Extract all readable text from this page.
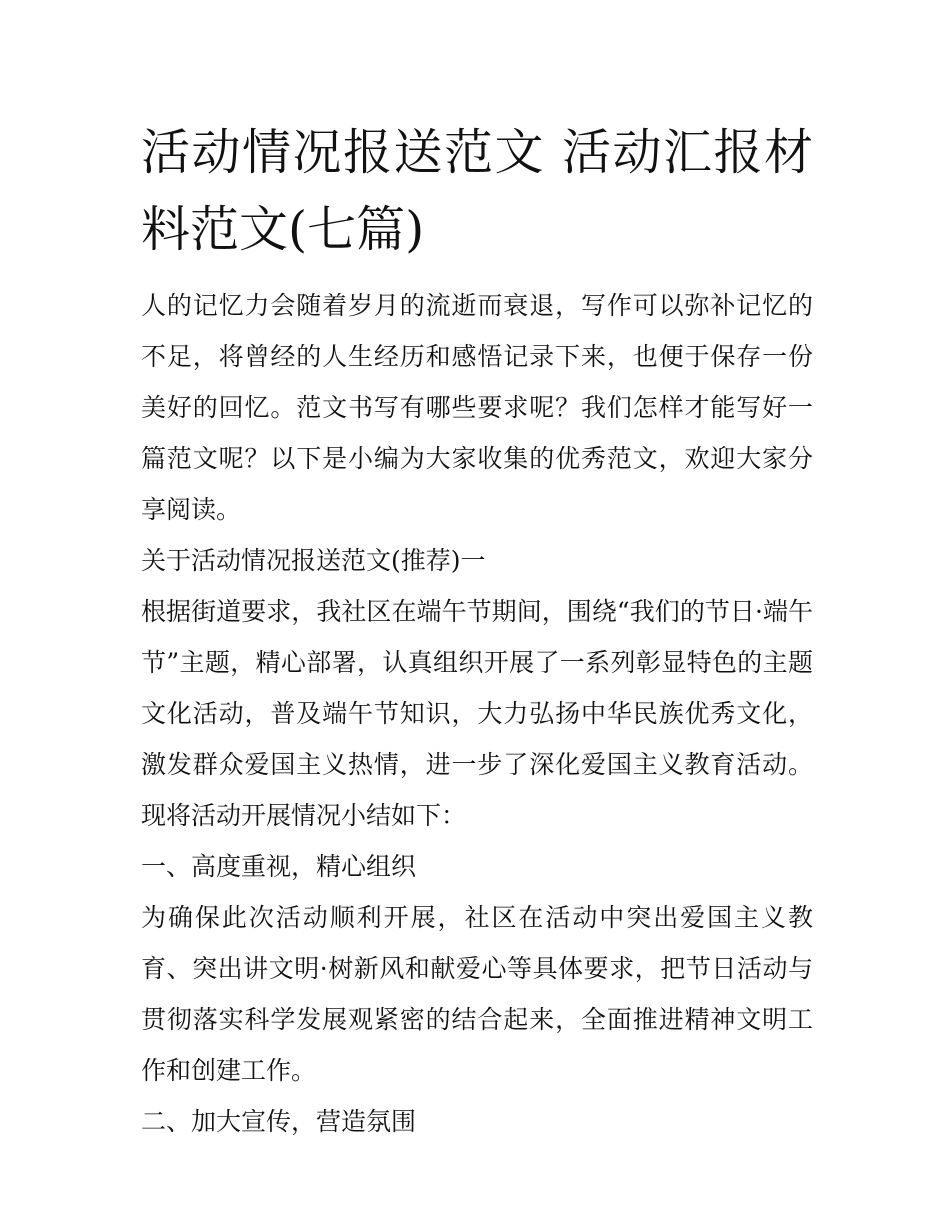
活动情况报送范文 活动汇报材料范文(七篇)

人的记忆力会随着岁月的流逝而衰退，写作可以弥补记忆的不足，将曾经的人生经历和感悟记录下来，也便于保存一份美好的回忆。范文书写有哪些要求呢？我们怎样才能写好一篇范文呢？以下是小编为大家收集的优秀范文，欢迎大家分享阅读。

关于活动情况报送范文(推荐)一

根据街道要求，我社区在端午节期间，围绕“我们的节日·端午节”主题，精心部署，认真组织开展了一系列彰显特色的主题文化活动，普及端午节知识，大力弘扬中华民族优秀文化，激发群众爱国主义热情，进一步了深化爱国主义教育活动。现将活动开展情况小结如下：

一、高度重视，精心组织

为确保此次活动顺利开展，社区在活动中突出爱国主义教育、突出讲文明·树新风和献爱心等具体要求，把节日活动与贯彻落实科学发展观紧密的结合起来，全面推进精神文明工作和创建工作。

二、加大宣传，营造氛围
